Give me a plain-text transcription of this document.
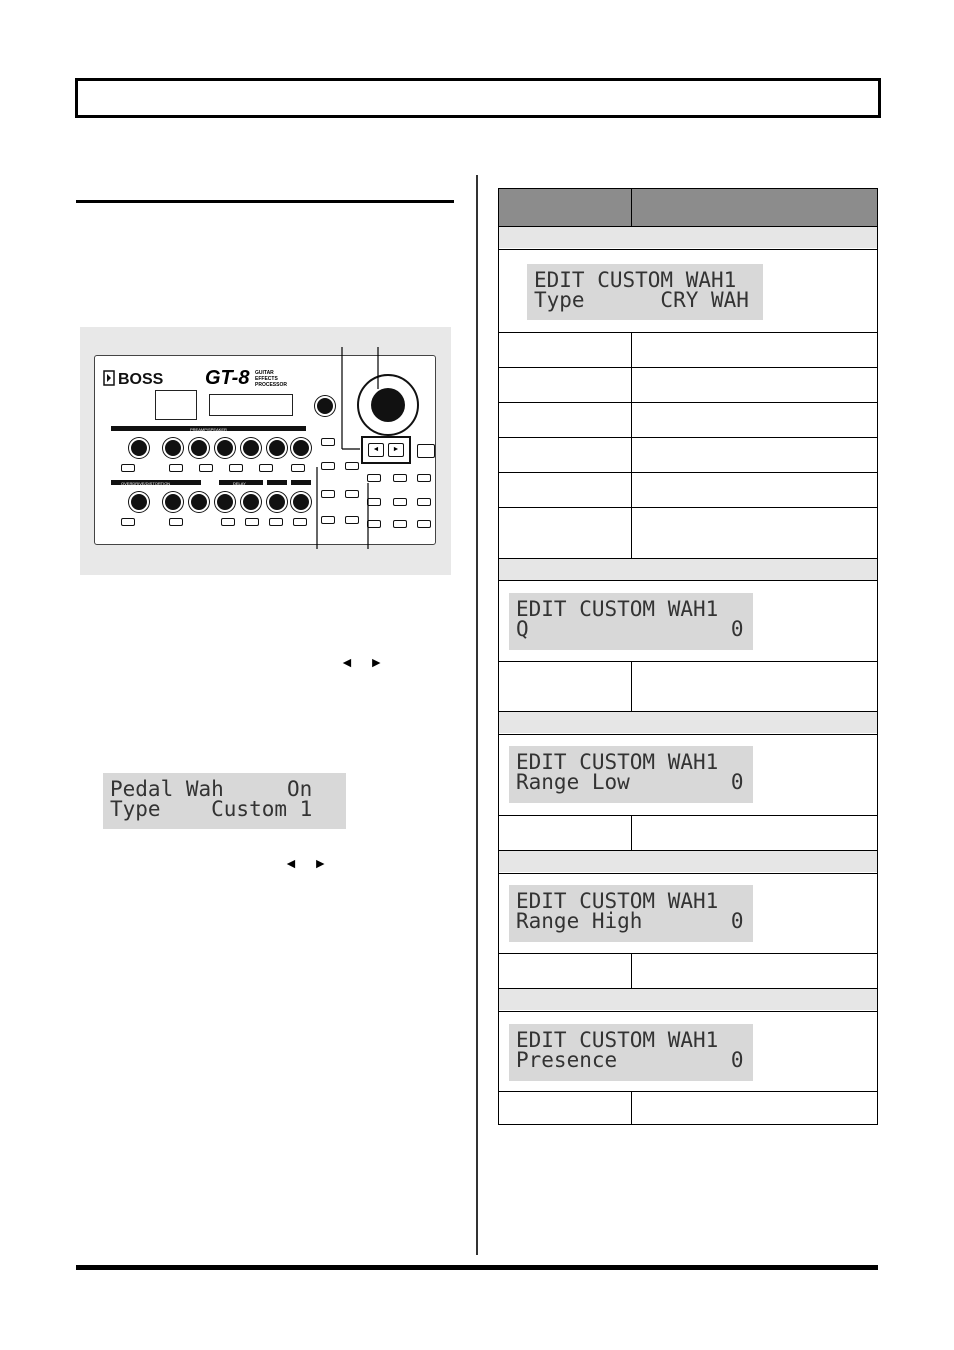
BOSS GT-8 GUITAR EFFECTS PROCESSOR
PREAMP/SPEAKER
OVERDRIVE/DISTORTION	DELAY
◄	►
◄ ►
Pedal Wah     On
Type    Custom 1
◄ ►
EDIT CUSTOM WAH1
Type      CRY WAH
EDIT CUSTOM WAH1
Q                0
EDIT CUSTOM WAH1
Range Low        0
EDIT CUSTOM WAH1
Range High       0
EDIT CUSTOM WAH1
Presence         0
